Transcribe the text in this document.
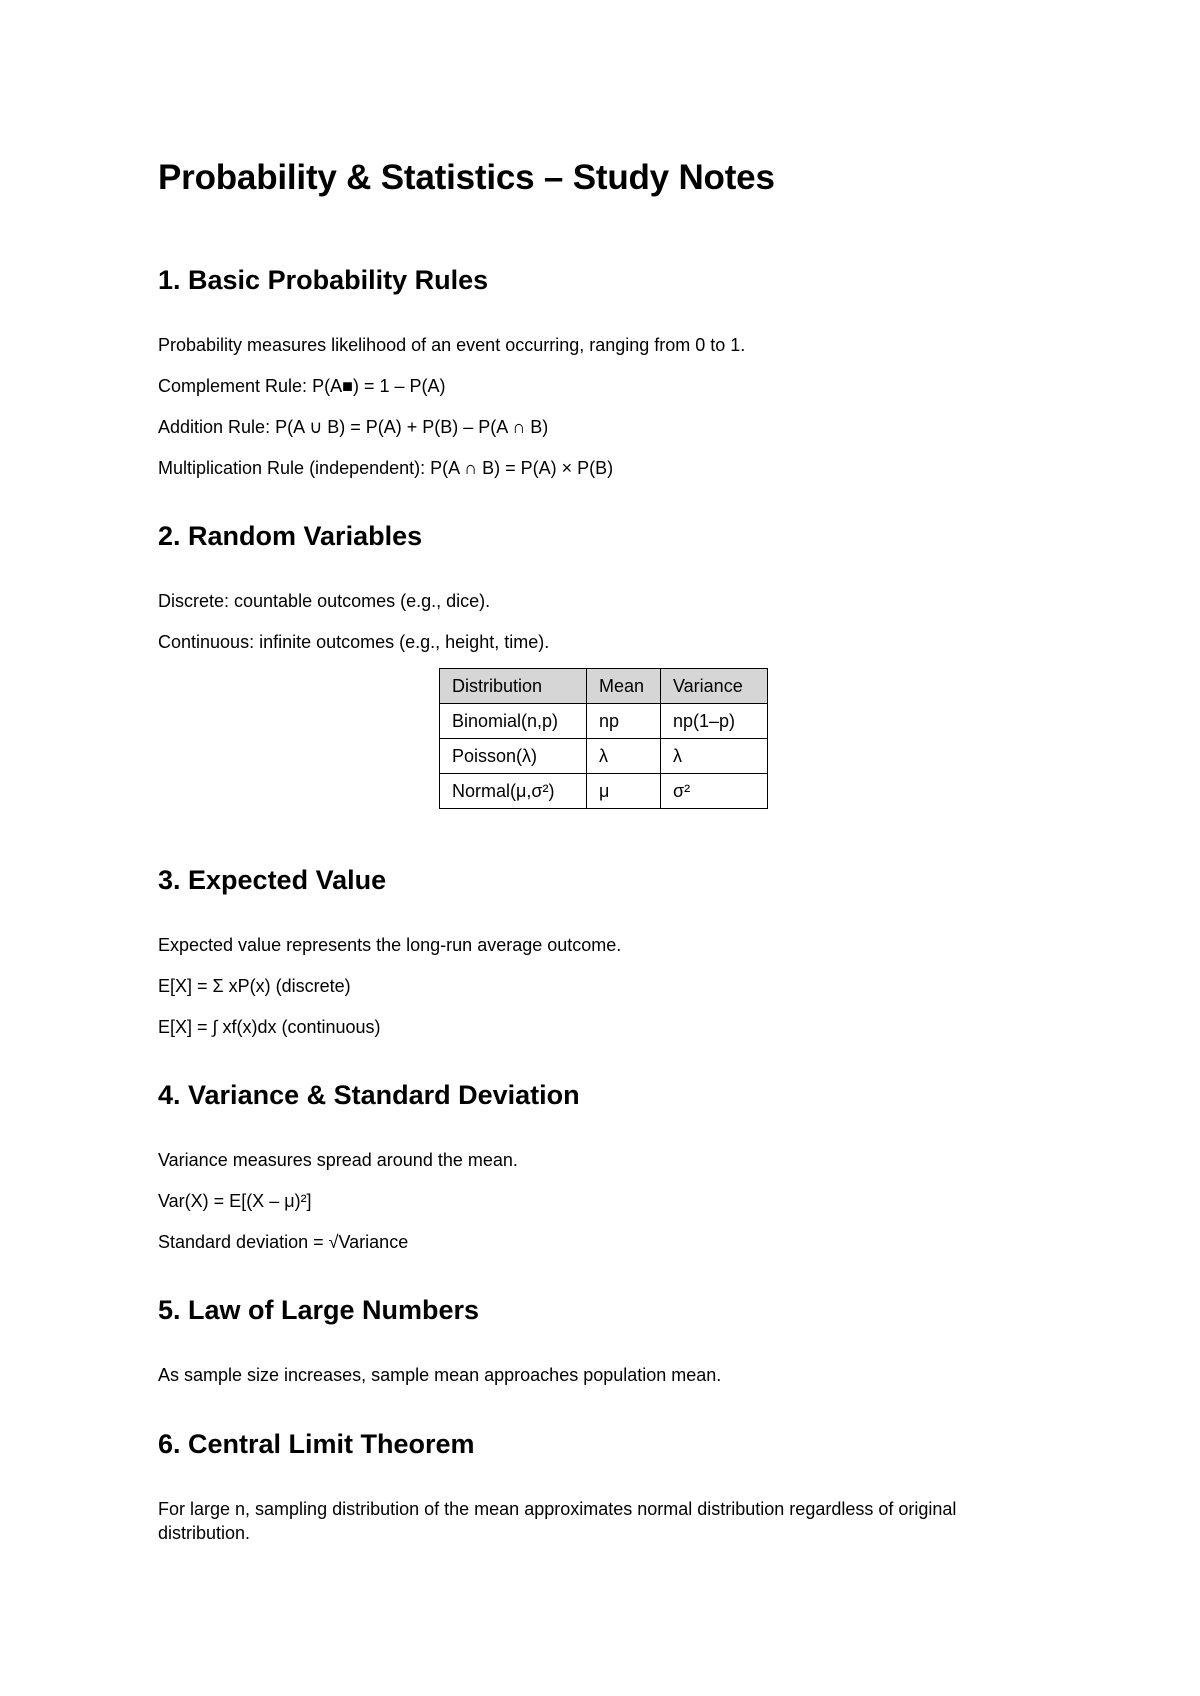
Probability & Statistics – Study Notes
1. Basic Probability Rules

Probability measures likelihood of an event occurring, ranging from 0 to 1.

Complement Rule: P(A■) = 1 – P(A)

Addition Rule: P(A ∪ B) = P(A) + P(B) – P(A ∩ B)

Multiplication Rule (independent): P(A ∩ B) = P(A) × P(B)

2. Random Variables

Discrete: countable outcomes (e.g., dice).

Continuous: infinite outcomes (e.g., height, time).

Distribution	Mean	Variance
Binomial(n,p)	np	np(1–p)
Poisson(λ)	λ	λ
Normal(μ,σ²)	μ	σ²
3. Expected Value

Expected value represents the long-run average outcome.

E[X] = Σ xP(x) (discrete)

E[X] = ∫ xf(x)dx (continuous)

4. Variance & Standard Deviation

Variance measures spread around the mean.

Var(X) = E[(X – μ)²]

Standard deviation = √Variance

5. Law of Large Numbers

As sample size increases, sample mean approaches population mean.

6. Central Limit Theorem

For large n, sampling distribution of the mean approximates normal distribution regardless of original distribution.
